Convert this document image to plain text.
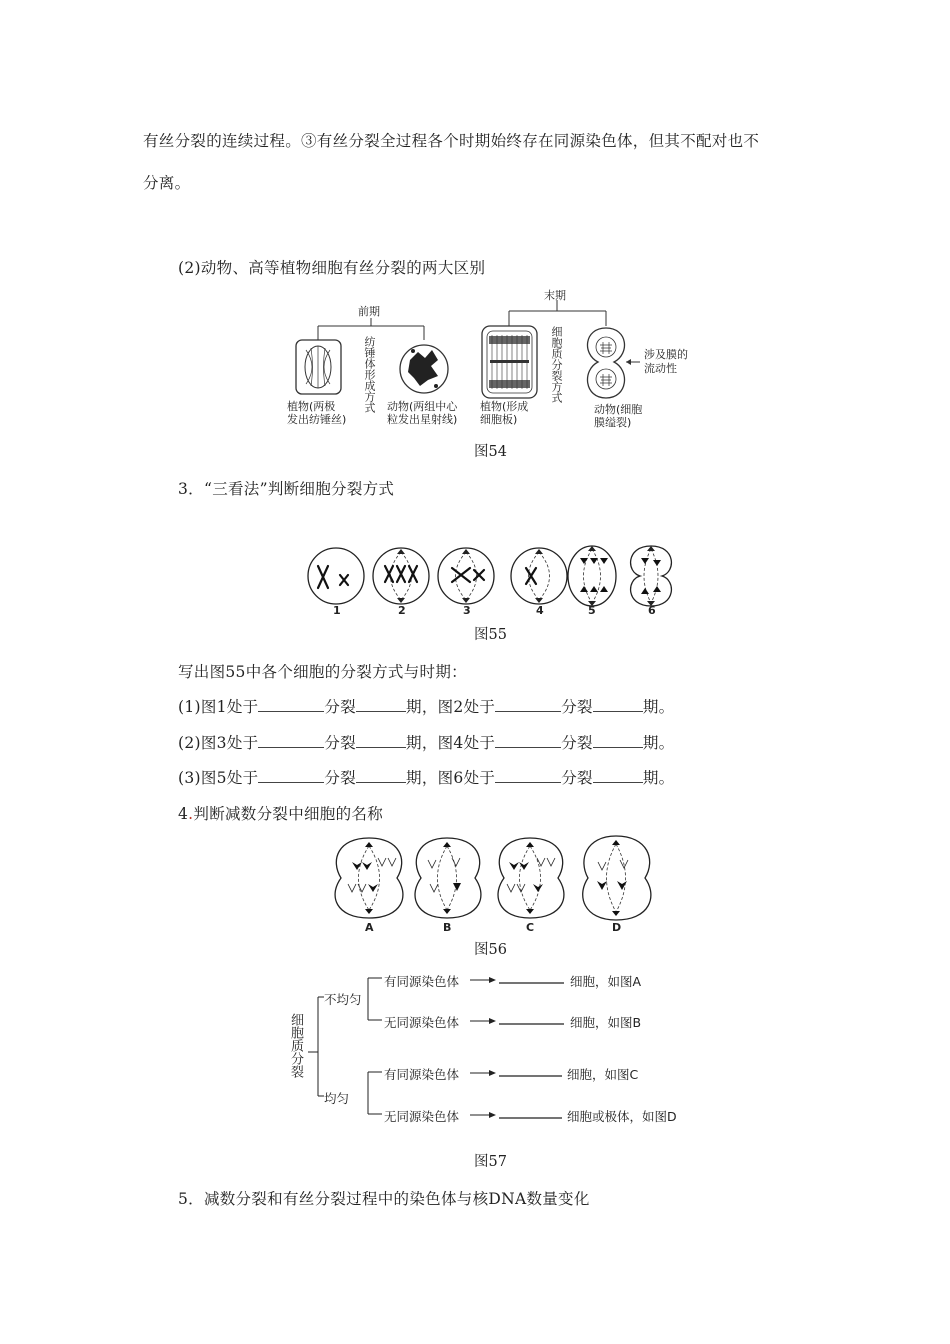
有丝分裂的连续过程。③有丝分裂全过程各个时期始终存在同源染色体，但其不配对也不
分离。
(2)动物、高等植物细胞有丝分裂的两大区别
前期
末期
纺锤体形成方式	细胞质分裂方式
植物(两极
发出纺锤丝)
动物(两组中心
粒发出星射线)
植物(形成
细胞板)
动物(细胞
膜缢裂)
涉及膜的
流动性
图54
3．“三看法”判断细胞分裂方式
1	2	3	4	5	6
图55
写出图55中各个细胞的分裂方式与时期：
(1)图1处于	分裂	期，图2处于	分裂	期。
(2)图3处于	分裂	期，图4处于	分裂	期。
(3)图5处于	分裂	期，图6处于	分裂	期。
4.判断减数分裂中细胞的名称
A	B	C	D
图56
细胞质分裂
不均匀
均匀
有同源染色体	细胞，如图A
无同源染色体	细胞，如图B
有同源染色体	细胞，如图C
无同源染色体	细胞或极体，如图D
图57
5．减数分裂和有丝分裂过程中的染色体与核DNA数量变化
